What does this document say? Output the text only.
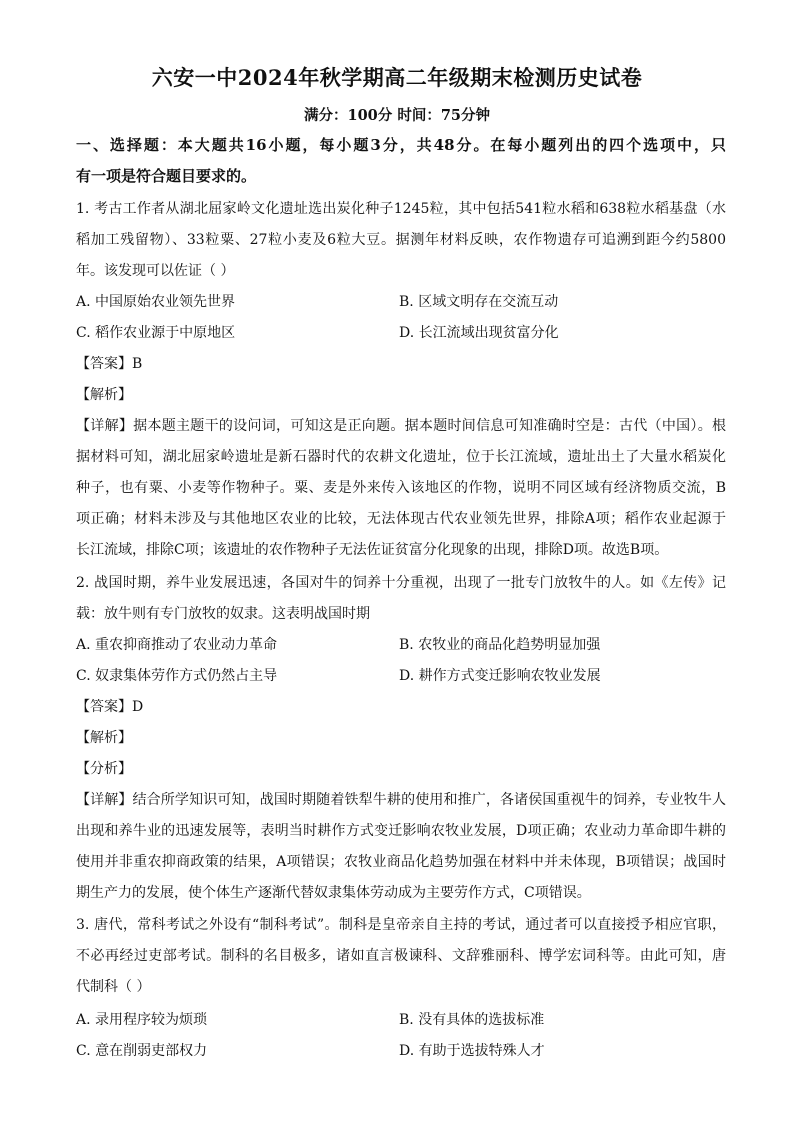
六安一中2024年秋学期高二年级期末检测历史试卷
满分：100分 时间：75分钟
一、选择题：本大题共16小题，每小题3分，共48分。在每小题列出的四个选项中，只
有一项是符合题目要求的。
1. 考古工作者从湖北屈家岭文化遗址选出炭化种子1245粒，其中包括541粒水稻和638粒水稻基盘（水
稻加工残留物）、33粒粟、27粒小麦及6粒大豆。据测年材料反映，农作物遗存可追溯到距今约5800
年。该发现可以佐证（ ）
A. 中国原始农业领先世界	B. 区域文明存在交流互动
C. 稻作农业源于中原地区	D. 长江流域出现贫富分化
【答案】B
【解析】
【详解】据本题主题干的设问词，可知这是正向题。据本题时间信息可知准确时空是：古代（中国）。根
据材料可知，湖北屈家岭遗址是新石器时代的农耕文化遗址，位于长江流域，遗址出土了大量水稻炭化
种子，也有粟、小麦等作物种子。粟、麦是外来传入该地区的作物，说明不同区域有经济物质交流，B
项正确；材料未涉及与其他地区农业的比较，无法体现古代农业领先世界，排除A项；稻作农业起源于
长江流域，排除C项；该遗址的农作物种子无法佐证贫富分化现象的出现，排除D项。故选B项。
2. 战国时期，养牛业发展迅速，各国对牛的饲养十分重视，出现了一批专门放牧牛的人。如《左传》记
载：放牛则有专门放牧的奴隶。这表明战国时期
A. 重农抑商推动了农业动力革命	B. 农牧业的商品化趋势明显加强
C. 奴隶集体劳作方式仍然占主导	D. 耕作方式变迁影响农牧业发展
【答案】D
【解析】
【分析】
【详解】结合所学知识可知，战国时期随着铁犁牛耕的使用和推广，各诸侯国重视牛的饲养，专业牧牛人
出现和养牛业的迅速发展等，表明当时耕作方式变迁影响农牧业发展，D项正确；农业动力革命即牛耕的
使用并非重农抑商政策的结果，A项错误；农牧业商品化趋势加强在材料中并未体现，B项错误；战国时
期生产力的发展，使个体生产逐渐代替奴隶集体劳动成为主要劳作方式，C项错误。
3. 唐代，常科考试之外设有“制科考试”。制科是皇帝亲自主持的考试，通过者可以直接授予相应官职，
不必再经过吏部考试。制科的名目极多，诸如直言极谏科、文辞雅丽科、博学宏词科等。由此可知，唐
代制科（ ）
A. 录用程序较为烦琐	B. 没有具体的选拔标准
C. 意在削弱吏部权力	D. 有助于选拔特殊人才
